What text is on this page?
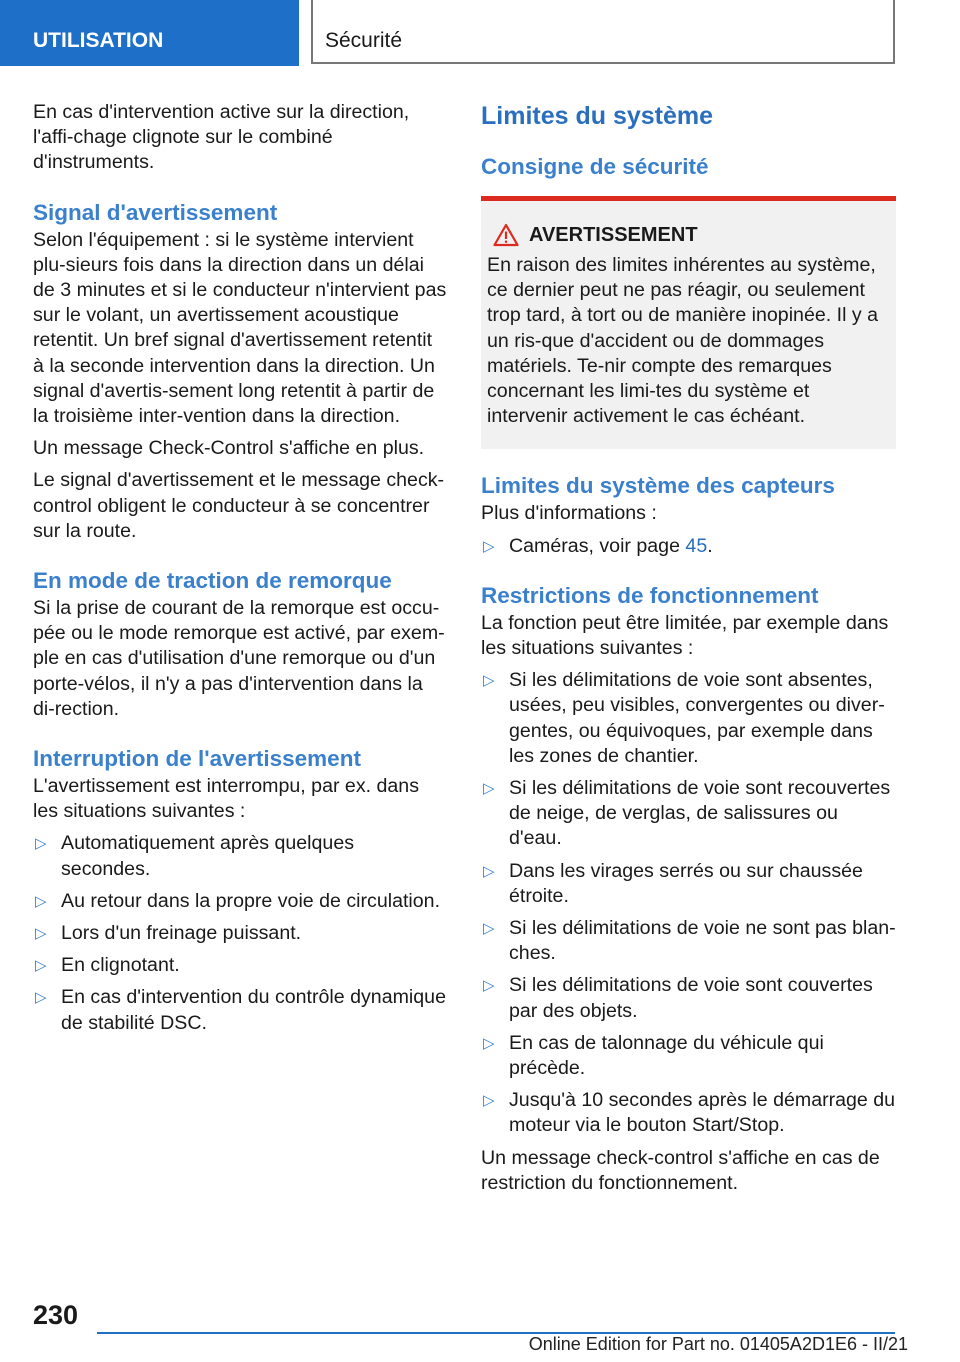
UTILISATION	Sécurité

En cas d'intervention active sur la direction, l'affi-chage clignote sur le combiné d'instruments.

Signal d'avertissement

Selon l'équipement : si le système intervient plu-sieurs fois dans la direction dans un délai de 3 minutes et si le conducteur n'intervient pas sur le volant, un avertissement acoustique retentit. Un bref signal d'avertissement retentit à la seconde intervention dans la direction. Un signal d'avertis-sement long retentit à partir de la troisième inter-vention dans la direction.

Un message Check-Control s'affiche en plus.

Le signal d'avertissement et le message check-control obligent le conducteur à se concentrer sur la route.

En mode de traction de remorque

Si la prise de courant de la remorque est occu-pée ou le mode remorque est activé, par exem-ple en cas d'utilisation d'une remorque ou d'un porte-vélos, il n'y a pas d'intervention dans la di-rection.

Interruption de l'avertissement

L'avertissement est interrompu, par ex. dans les situations suivantes :

▷ Automatiquement après quelques secondes.
▷ Au retour dans la propre voie de circulation.
▷ Lors d'un freinage puissant.
▷ En clignotant.
▷ En cas d'intervention du contrôle dynamique de stabilité DSC.
Limites du système
Consigne de sécurité
AVERTISSEMENT

En raison des limites inhérentes au système, ce dernier peut ne pas réagir, ou seulement trop tard, à tort ou de manière inopinée. Il y a un ris-que d'accident ou de dommages matériels. Te-nir compte des remarques concernant les limi-tes du système et intervenir activement le cas échéant.

Limites du système des capteurs

Plus d'informations :

▷ Caméras, voir page 45.
Restrictions de fonctionnement

La fonction peut être limitée, par exemple dans les situations suivantes :

▷ Si les délimitations de voie sont absentes, usées, peu visibles, convergentes ou diver-gentes, ou équivoques, par exemple dans les zones de chantier.
▷ Si les délimitations de voie sont recouvertes de neige, de verglas, de salissures ou d'eau.
▷ Dans les virages serrés ou sur chaussée étroite.
▷ Si les délimitations de voie ne sont pas blan-ches.
▷ Si les délimitations de voie sont couvertes par des objets.
▷ En cas de talonnage du véhicule qui précède.
▷ Jusqu'à 10 secondes après le démarrage du moteur via le bouton Start/Stop.

Un message check-control s'affiche en cas de restriction du fonctionnement.

230
Online Edition for Part no. 01405A2D1E6 - II/21
